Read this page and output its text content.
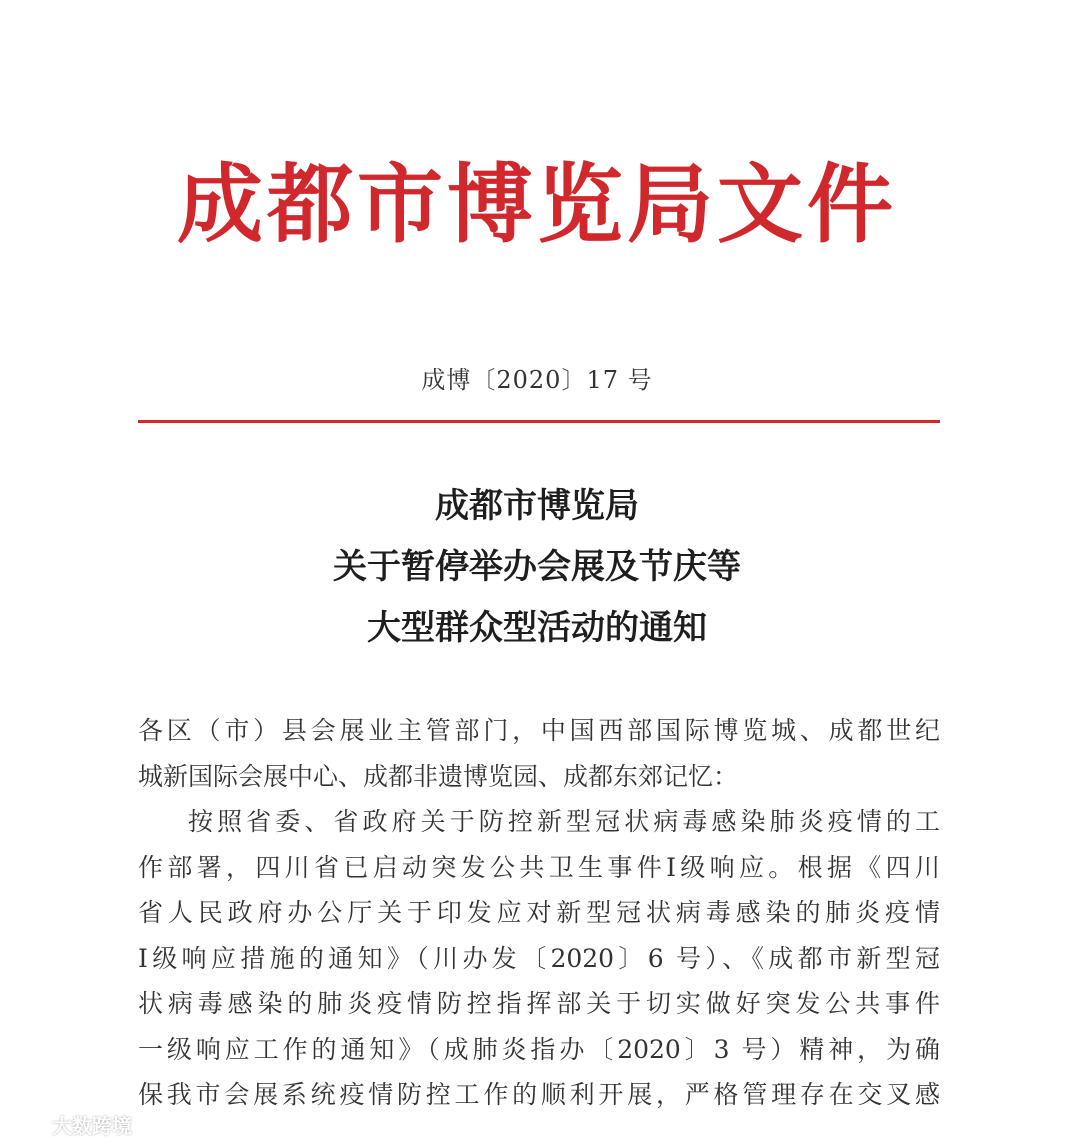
成都市博览局文件
成博〔2020〕17 号
成都市博览局
关于暂停举办会展及节庆等
大型群众型活动的通知
各区（市）县会展业主管部门，中国西部国际博览城、成都世纪
城新国际会展中心、成都非遗博览园、成都东郊记忆：
按照省委、省政府关于防控新型冠状病毒感染肺炎疫情的工
作部署，四川省已启动突发公共卫生事件Ⅰ级响应。根据《四川
省人民政府办公厅关于印发应对新型冠状病毒感染的肺炎疫情
Ⅰ级响应措施的通知》（川办发〔2020〕6 号）、《成都市新型冠
状病毒感染的肺炎疫情防控指挥部关于切实做好突发公共事件
一级响应工作的通知》（成肺炎指办〔2020〕3 号）精神，为确
保我市会展系统疫情防控工作的顺利开展，严格管理存在交叉感
大数跨境
